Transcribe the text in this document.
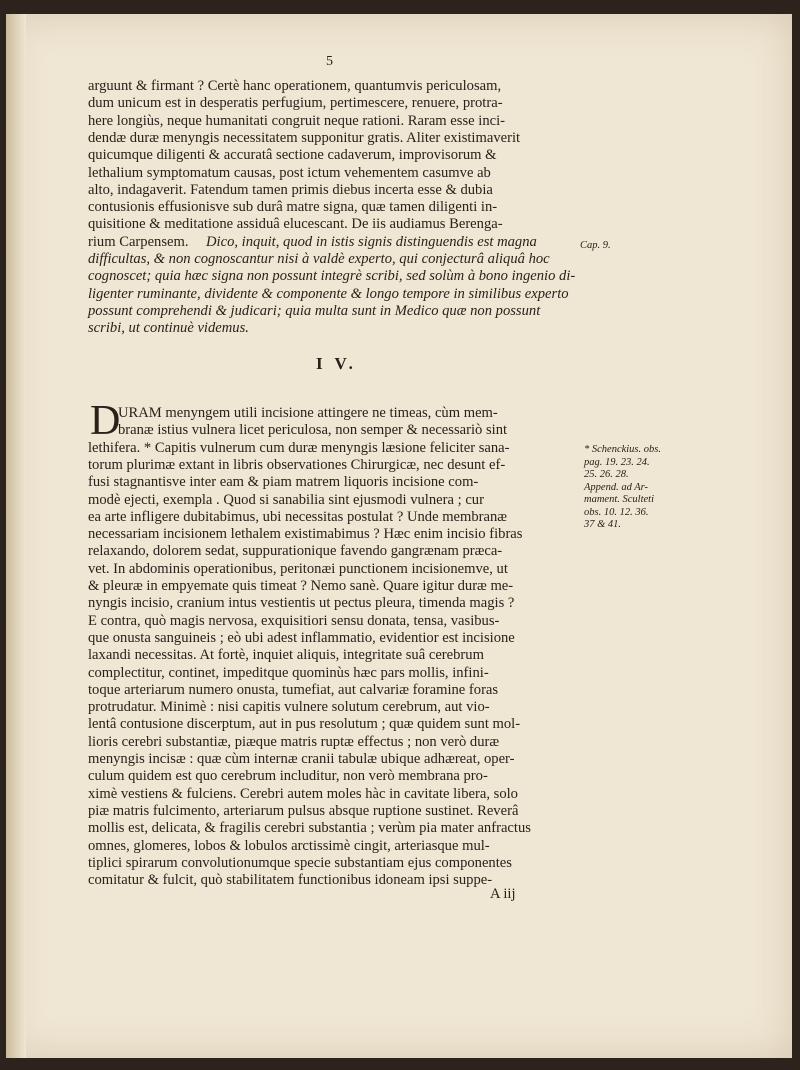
5
arguunt & firmant ? Certè hanc operationem, quantumvis periculosam,
dum unicum est in desperatis perfugium, pertimescere, renuere, protra-
here longiùs, neque humanitati congruit neque rationi. Raram esse inci-
dendæ duræ menyngis necessitatem supponitur gratis. Aliter existimaverit
quicumque diligenti & accuratâ sectione cadaverum, improvisorum &
lethalium symptomatum causas, post ictum vehementem casumve ab
alto, indagaverit. Fatendum tamen primis diebus incerta esse & dubia
contusionis effusionisve sub durâ matre signa, quæ tamen diligenti in-
quisitione & meditatione assiduâ elucescant. De iis audiamus Berenga-
rium Carpensem.	Dico, inquit, quod in istis signis distinguendis est magna
difficultas, & non cognoscantur nisi à valdè experto, qui conjecturâ aliquâ hoc
cognoscet; quia hæc signa non possunt integrè scribi, sed solùm à bono ingenio di-
ligenter ruminante, dividente & componente & longo tempore in similibus experto
possunt comprehendi & judicari; quia multa sunt in Medico quæ non possunt
scribi, ut continuè videmus.
I V.
D
URAM menyngem utili incisione attingere ne timeas, cùm mem-
branæ istius vulnera licet periculosa, non semper & necessariò sint
lethifera. * Capitis vulnerum cum duræ menyngis læsione feliciter sana-
torum plurimæ extant in libris observationes Chirurgicæ, nec desunt ef-
fusi stagnantisve inter eam & piam matrem liquoris incisione com-
modè ejecti, exempla . Quod si sanabilia sint ejusmodi vulnera ; cur
ea arte infligere dubitabimus, ubi necessitas postulat ? Unde membranæ
necessariam incisionem lethalem existimabimus ? Hæc enim incisio fibras
relaxando, dolorem sedat, suppurationique favendo gangrænam præca-
vet. In abdominis operationibus, peritonæi punctionem incisionemve, ut
& pleuræ in empyemate quis timeat ? Nemo sanè. Quare igitur duræ me-
nyngis incisio, cranium intus vestientis ut pectus pleura, timenda magis ?
E contra, quò magis nervosa, exquisitiori sensu donata, tensa, vasibus-
que onusta sanguineis ; eò ubi adest inflammatio, evidentior est incisione
laxandi necessitas. At fortè, inquiet aliquis, integritate suâ cerebrum
complectitur, continet, impeditque quominùs hæc pars mollis, infini-
toque arteriarum numero onusta, tumefiat, aut calvariæ foramine foras
protrudatur. Minimè : nisi capitis vulnere solutum cerebrum, aut vio-
lentâ contusione discerptum, aut in pus resolutum ; quæ quidem sunt mol-
lioris cerebri substantiæ, piæque matris ruptæ effectus ; non verò duræ
menyngis incisæ : quæ cùm internæ cranii tabulæ ubique adhæreat, oper-
culum quidem est quo cerebrum includitur, non verò membrana pro-
ximè vestiens & fulciens. Cerebri autem moles hàc in cavitate libera, solo
piæ matris fulcimento, arteriarum pulsus absque ruptione sustinet. Reverâ
mollis est, delicata, & fragilis cerebri substantia ; verùm pia mater anfractus
omnes, glomeres, lobos & lobulos arctissimè cingit, arteriasque mul-
tiplici spirarum convolutionumque specie substantiam ejus componentes
comitatur & fulcit, quò stabilitatem functionibus idoneam ipsi suppe-
Cap. 9.
* Schenckius. obs.
pag. 19. 23. 24.
25. 26. 28.
Append. ad Ar-
mament. Sculteti
obs. 10. 12. 36.
37 & 41.
A iij
